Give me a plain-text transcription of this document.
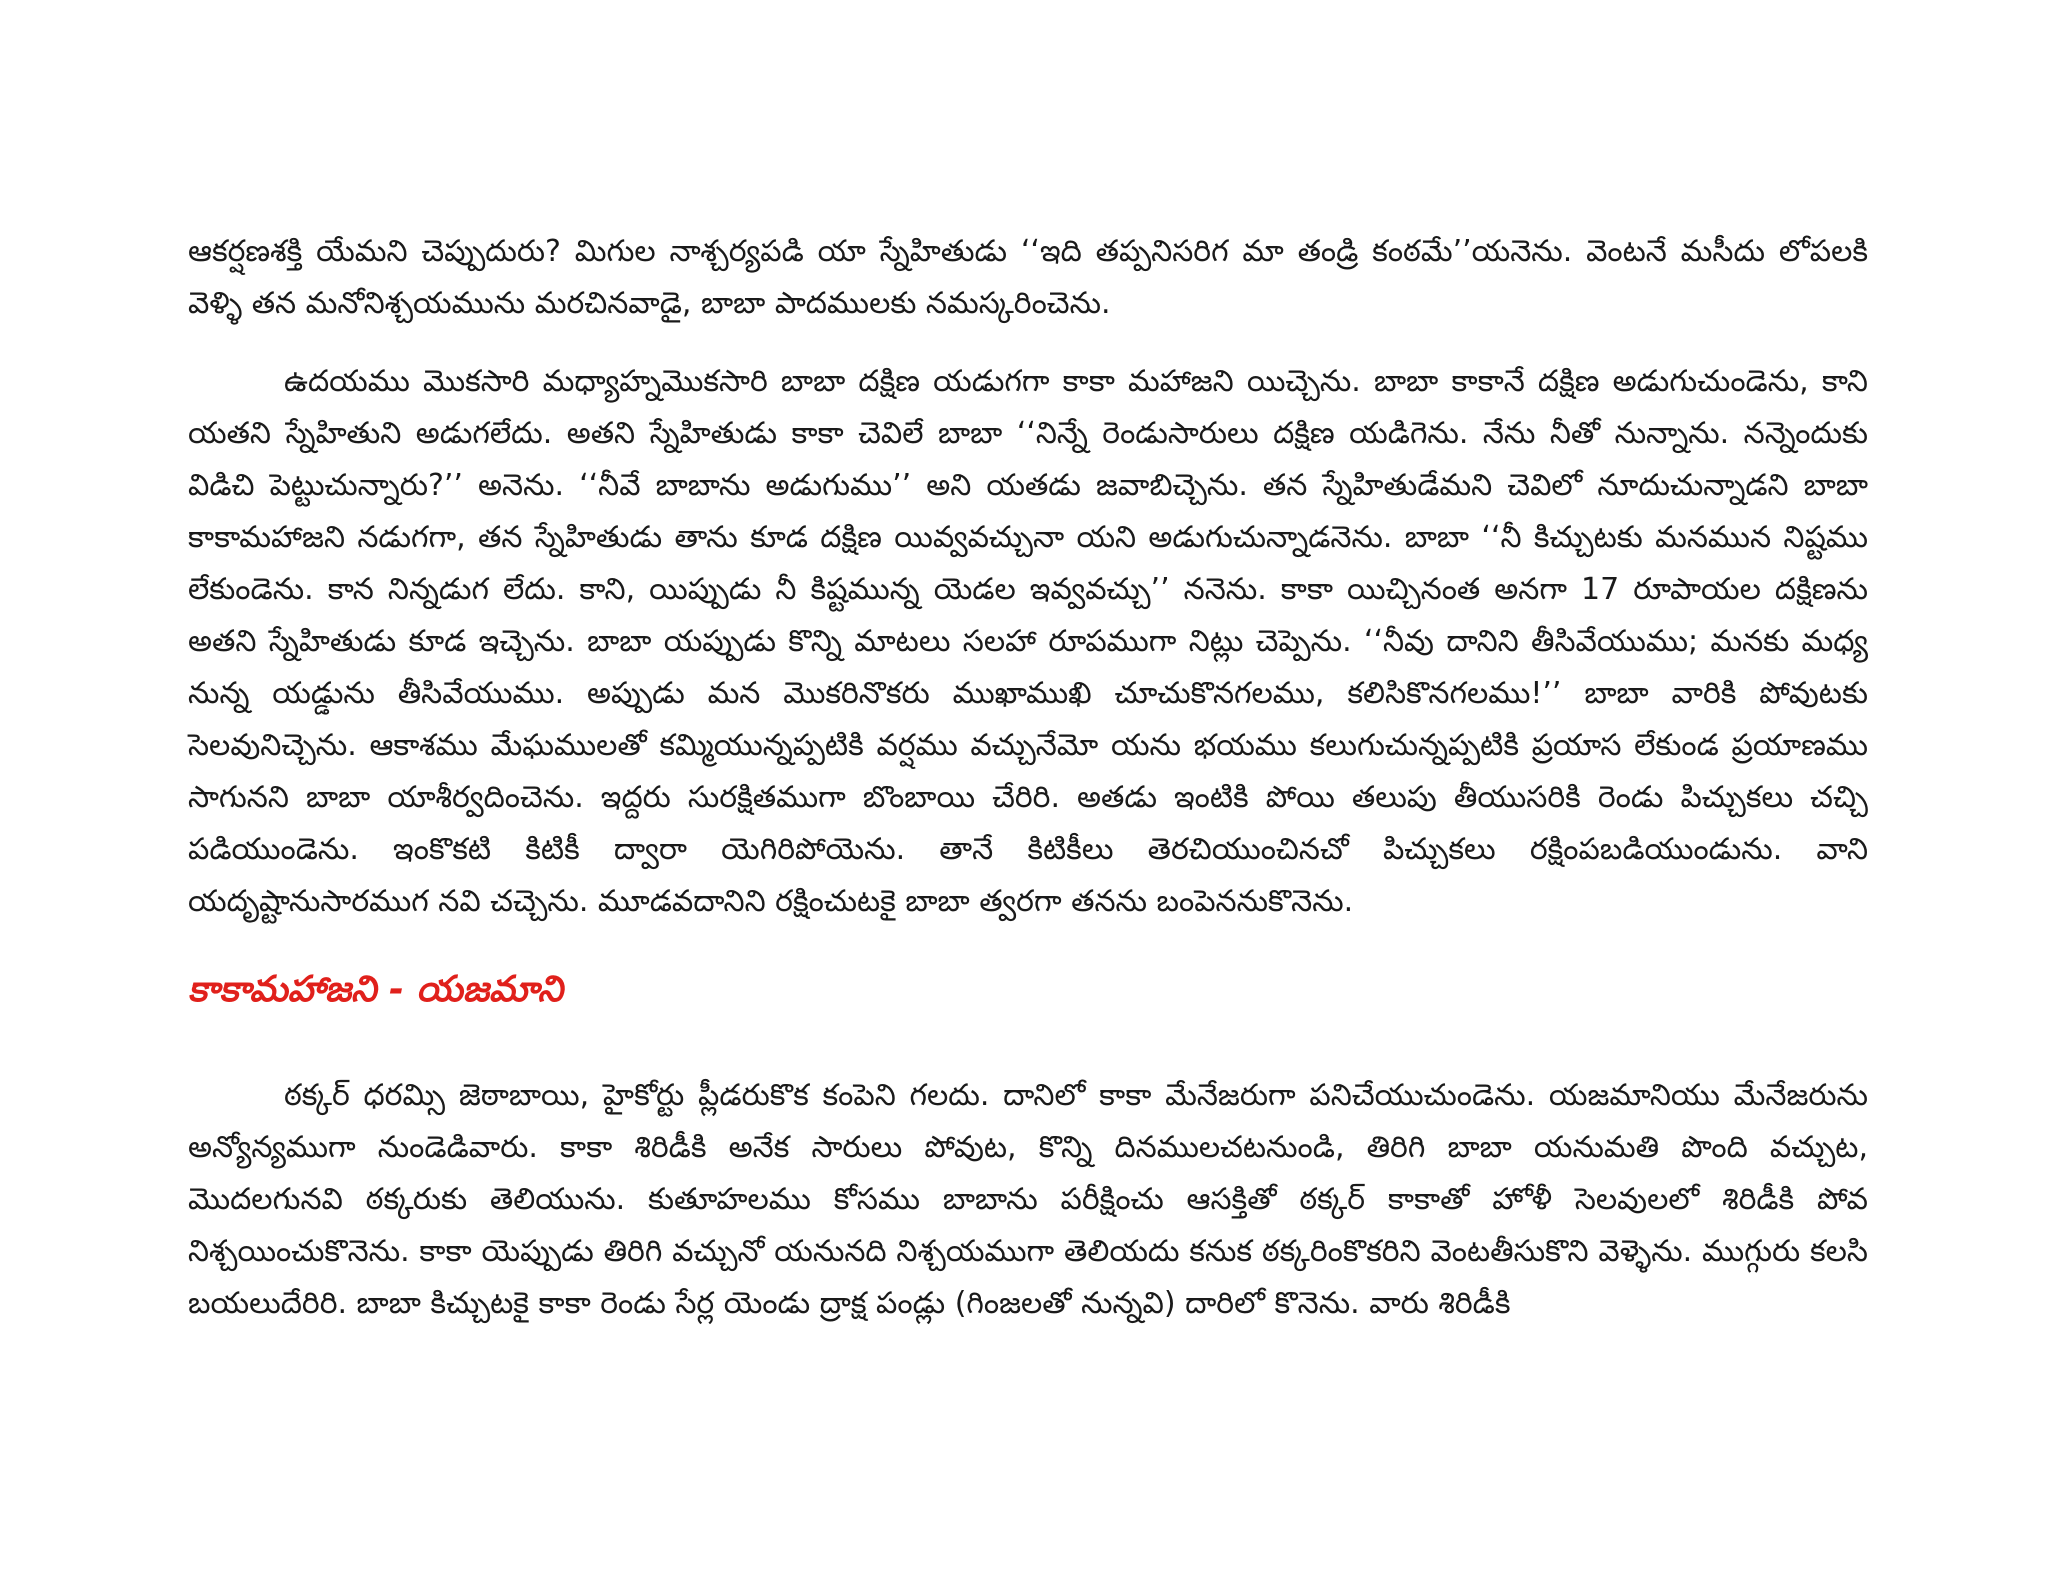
ఆకర్షణశక్తి యేమని చెప్పుదురు? మిగుల నాశ్చర్యపడి యా స్నేహితుడు ‘‘ఇది తప్పనిసరిగ మా తండ్రి కంఠమే’’యనెను. వెంటనే మసీదు లోపలకి వెళ్ళి తన మనోనిశ్చయమును మరచినవాడై, బాబా పాదములకు నమస్కరించెను.

ఉదయము మొకసారి మధ్యాహ్నమొకసారి బాబా దక్షిణ యడుగగా కాకా మహాజని యిచ్చెను. బాబా కాకానే దక్షిణ అడుగుచుండెను, కాని యతని స్నేహితుని అడుగలేదు. అతని స్నేహితుడు కాకా చెవిలే బాబా ‘‘నిన్నే రెండుసారులు దక్షిణ యడిగెను. నేను నీతో నున్నాను. నన్నెందుకు విడిచి పెట్టుచున్నారు?’’ అనెను. ‘‘నీవే బాబాను అడుగుము’’ అని యతడు జవాబిచ్చెను. తన స్నేహితుడేమని చెవిలో నూదుచున్నాడని బాబా కాకామహాజని నడుగగా, తన స్నేహితుడు తాను కూడ దక్షిణ యివ్వవచ్చునా యని అడుగుచున్నాడనెను. బాబా ‘‘నీ కిచ్చుటకు మనమున నిష్టము లేకుండెను. కాన నిన్నడుగ లేదు. కాని, యిప్పుడు నీ కిష్టమున్న యెడల ఇవ్వవచ్చు’’ ననెను. కాకా యిచ్చినంత అనగా 17 రూపాయల దక్షిణను అతని స్నేహితుడు కూడ ఇచ్చెను. బాబా యప్పుడు కొన్ని మాటలు సలహా రూపముగా నిట్లు చెప్పెను. ‘‘నీవు దానిని తీసివేయుము; మనకు మధ్య నున్న యడ్డును తీసివేయుము. అప్పుడు మన మొకరినొకరు ముఖాముఖి చూచుకొనగలము, కలిసికొనగలము!’’ బాబా వారికి పోవుటకు సెలవునిచ్చెను. ఆకాశము మేఘములతో కమ్మియున్నప్పటికి వర్షము వచ్చునేమో యను భయము కలుగుచున్నప్పటికి ప్రయాస లేకుండ ప్రయాణము సాగునని బాబా యాశీర్వదించెను. ఇద్దరు సురక్షితముగా బొంబాయి చేరిరి. అతడు ఇంటికి పోయి తలుపు తీయుసరికి రెండు పిచ్చుకలు చచ్చి పడియుండెను. ఇంకొకటి కిటికీ ద్వారా యెగిరిపోయెను. తానే కిటికీలు తెరచియుంచినచో పిచ్చుకలు రక్షింపబడియుండును. వాని యదృష్టానుసారముగ నవి చచ్చెను. మూడవదానిని రక్షించుటకై బాబా త్వరగా తనను బంపెననుకొనెను.

కాకామహాజని - యజమాని

ఠక్కర్ ధరమ్సి జెఠాబాయి, హైకోర్టు ప్లీడరుకొక కంపెని గలదు. దానిలో కాకా మేనేజరుగా పనిచేయుచుండెను. యజమానియు మేనేజరును అన్యోన్యముగా నుండెడివారు. కాకా శిరిడీకి అనేక సారులు పోవుట, కొన్ని దినములచటనుండి, తిరిగి బాబా యనుమతి పొంది వచ్చుట, మొదలగునవి ఠక్కరుకు తెలియును. కుతూహలము కోసము బాబాను పరీక్షించు ఆసక్తితో ఠక్కర్ కాకాతో హోళీ సెలవులలో శిరిడీకి పోవ నిశ్చయించుకొనెను. కాకా యెప్పుడు తిరిగి వచ్చునో యనునది నిశ్చయముగా తెలియదు కనుక ఠక్కరింకొకరిని వెంటతీసుకొని వెళ్ళెను. ముగ్గురు కలసి బయలుదేరిరి. బాబా కిచ్చుటకై కాకా రెండు సేర్ల యెండు ద్రాక్ష పండ్లు (గింజలతో నున్నవి) దారిలో కొనెను. వారు శిరిడీకి
